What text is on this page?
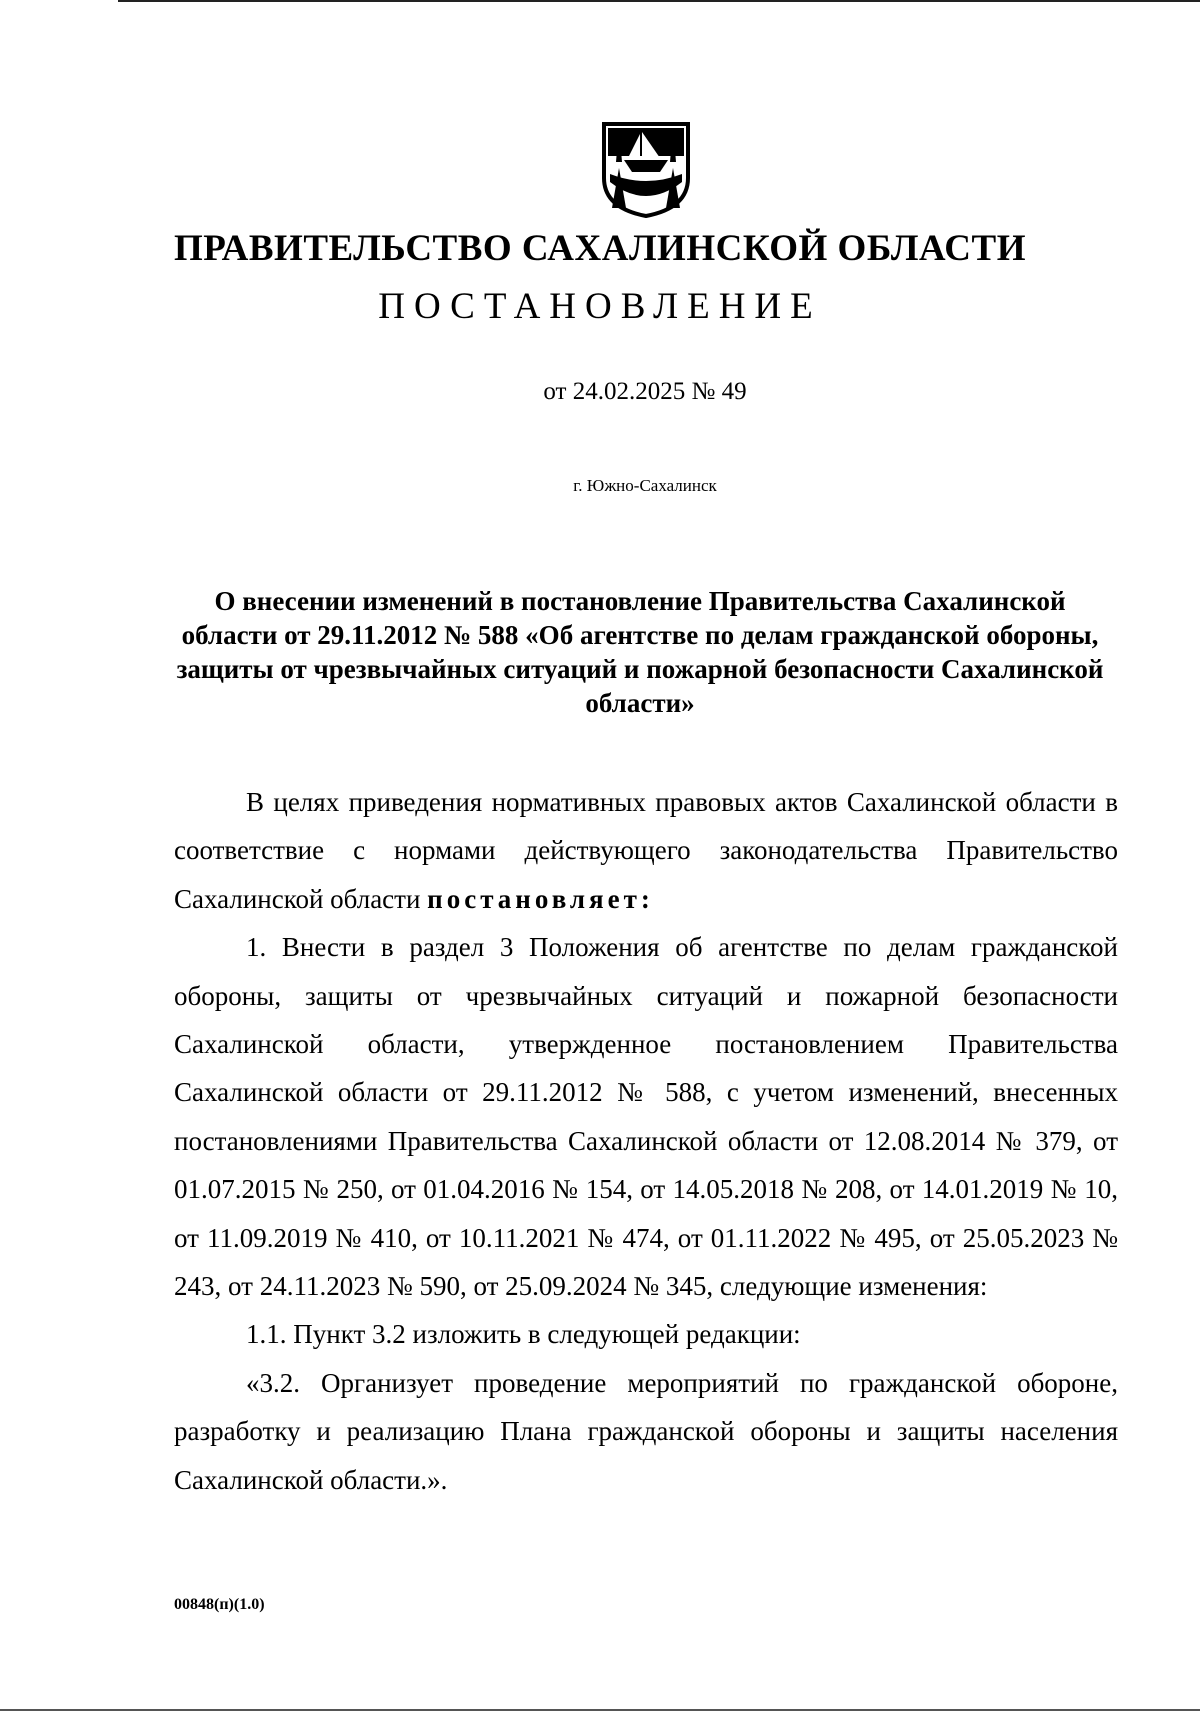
ПРАВИТЕЛЬСТВО САХАЛИНСКОЙ ОБЛАСТИ
ПОСТАНОВЛЕНИЕ
от 24.02.2025 № 49
г. Южно-Сахалинск
О внесении изменений в постановление Правительства Сахалинской области от 29.11.2012 № 588 «Об агентстве по делам гражданской обороны, защиты от чрезвычайных ситуаций и пожарной безопасности Сахалинской области»

В целях приведения нормативных правовых актов Сахалинской области в соответствие с нормами действующего законодательства Правительство Сахалинской области постановляет:

1. Внести в раздел 3 Положения об агентстве по делам гражданской обороны, защиты от чрезвычайных ситуаций и пожарной безопасности Сахалинской области, утвержденное постановлением Правительства Сахалинской области от 29.11.2012 № 588, с учетом изменений, внесенных постановлениями Правительства Сахалинской области от 12.08.2014 № 379, от 01.07.2015 № 250, от 01.04.2016 № 154, от 14.05.2018 № 208, от 14.01.2019 № 10, от 11.09.2019 № 410, от 10.11.2021 № 474, от 01.11.2022 № 495, от 25.05.2023 № 243, от 24.11.2023 № 590, от 25.09.2024 № 345, следующие изменения:

1.1. Пункт 3.2 изложить в следующей редакции:

«3.2. Организует проведение мероприятий по гражданской обороне, разработку и реализацию Плана гражданской обороны и защиты населения Сахалинской области.».

00848(п)(1.0)
